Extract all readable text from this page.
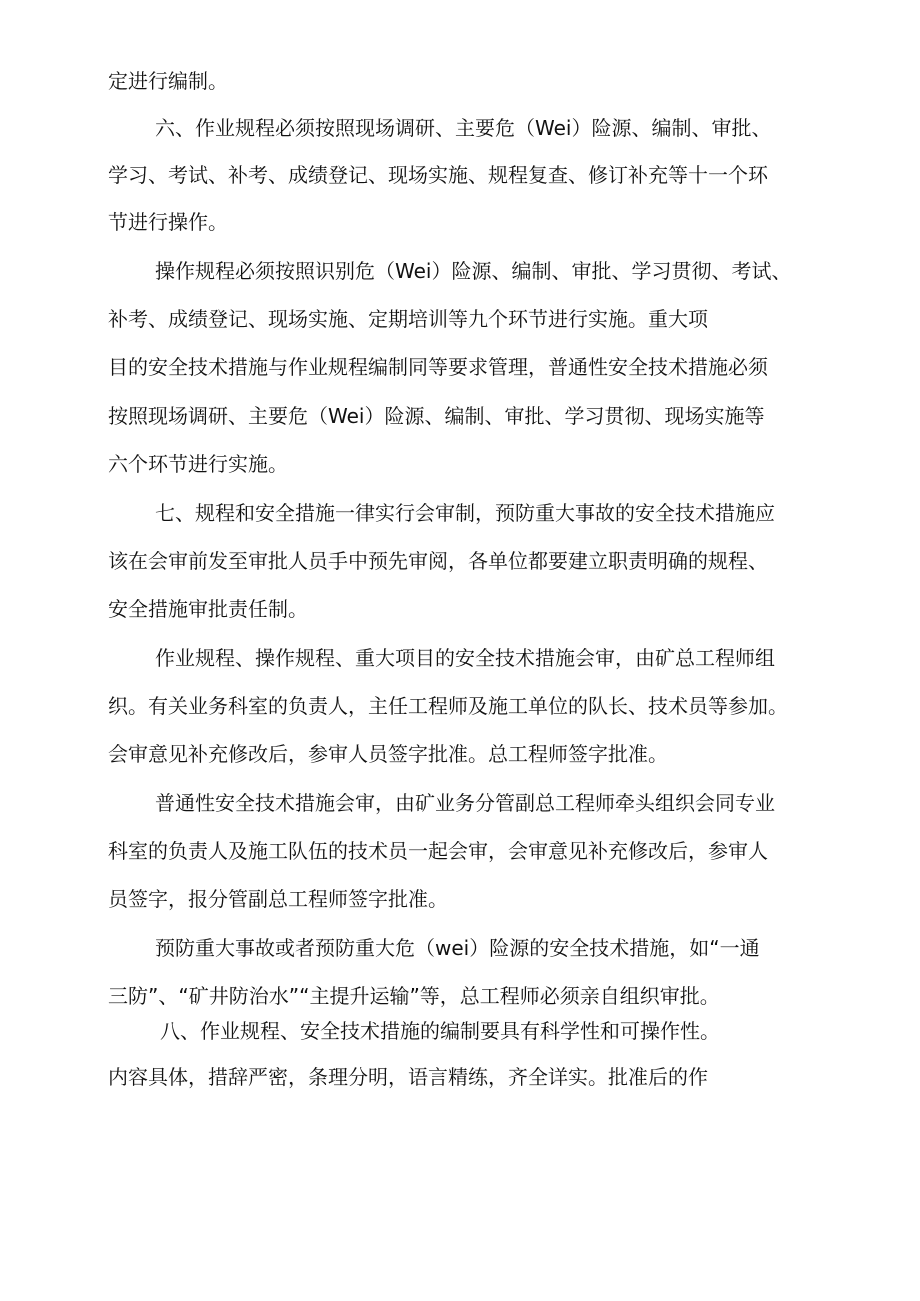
定进行编制。

六、作业规程必须按照现场调研、主要危（Wei）险源、编制、审批、

学习、考试、补考、成绩登记、现场实施、规程复查、修订补充等十一个环

节进行操作。

操作规程必须按照识别危（Wei）险源、编制、审批、学习贯彻、考试、

补考、成绩登记、现场实施、定期培训等九个环节进行实施。重大项

目的安全技术措施与作业规程编制同等要求管理，普通性安全技术措施必须

按照现场调研、主要危（Wei）险源、编制、审批、学习贯彻、现场实施等

六个环节进行实施。

七、规程和安全措施一律实行会审制，预防重大事故的安全技术措施应

该在会审前发至审批人员手中预先审阅，各单位都要建立职责明确的规程、

安全措施审批责任制。

作业规程、操作规程、重大项目的安全技术措施会审，由矿总工程师组

织。有关业务科室的负责人，主任工程师及施工单位的队长、技术员等参加。

会审意见补充修改后，参审人员签字批准。总工程师签字批准。

普通性安全技术措施会审，由矿业务分管副总工程师牵头组织会同专业

科室的负责人及施工队伍的技术员一起会审，会审意见补充修改后，参审人

员签字，报分管副总工程师签字批准。

预防重大事故或者预防重大危（wei）险源的安全技术措施，如“一通

三防”、“矿井防治水”“主提升运输”等，总工程师必须亲自组织审批。

八、作业规程、安全技术措施的编制要具有科学性和可操作性。

内容具体，措辞严密，条理分明，语言精练，齐全详实。批准后的作
